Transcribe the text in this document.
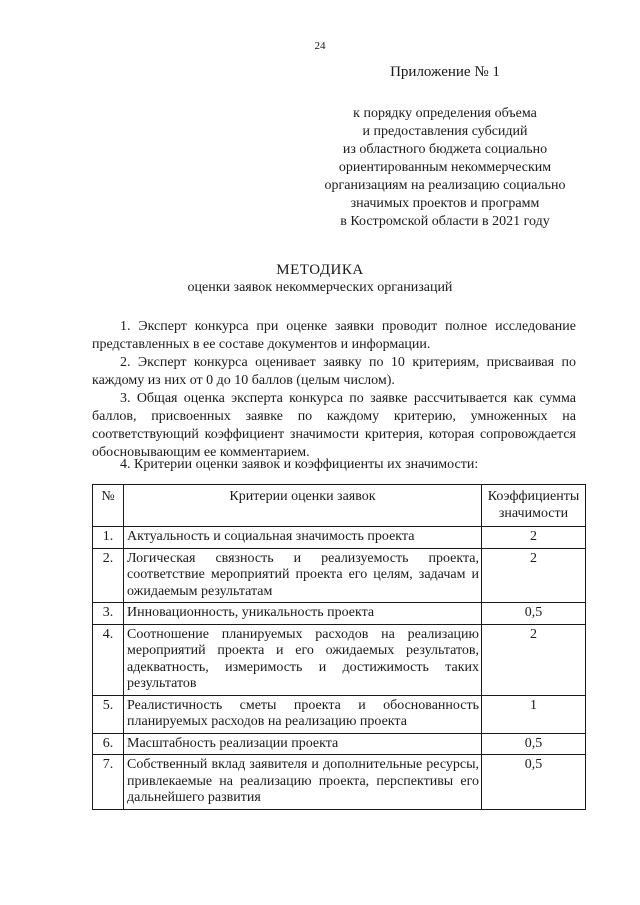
24
Приложение № 1
к порядку определения объема
и предоставления субсидий
из областного бюджета социально
ориентированным некоммерческим
организациям на реализацию социально
значимых проектов и программ
в Костромской области в 2021 году
МЕТОДИКА
оценки заявок некоммерческих организаций
1. Эксперт конкурса при оценке заявки проводит полное исследование представленных в ее составе документов и информации.
2. Эксперт конкурса оценивает заявку по 10 критериям, присваивая по каждому из них от 0 до 10 баллов (целым числом).
3. Общая оценка эксперта конкурса по заявке рассчитывается как сумма баллов, присвоенных заявке по каждому критерию, умноженных на соответствующий коэффициент значимости критерия, которая сопровождается обосновывающим ее комментарием.
4. Критерии оценки заявок и коэффициенты их значимости:
№	Критерии оценки заявок	Коэффициенты значимости
1.	Актуальность и социальная значимость проекта	2
2.	Логическая связность и реализуемость проекта, соответствие мероприятий проекта его целям, задачам и ожидаемым результатам	2
3.	Инновационность, уникальность проекта	0,5
4.	Соотношение планируемых расходов на реализацию мероприятий проекта и его ожидаемых результатов, адекватность, измеримость и достижимость таких результатов	2
5.	Реалистичность сметы проекта и обоснованность планируемых расходов на реализацию проекта	1
6.	Масштабность реализации проекта	0,5
7.	Собственный вклад заявителя и дополнительные ресурсы, привлекаемые на реализацию проекта, перспективы его дальнейшего развития	0,5
